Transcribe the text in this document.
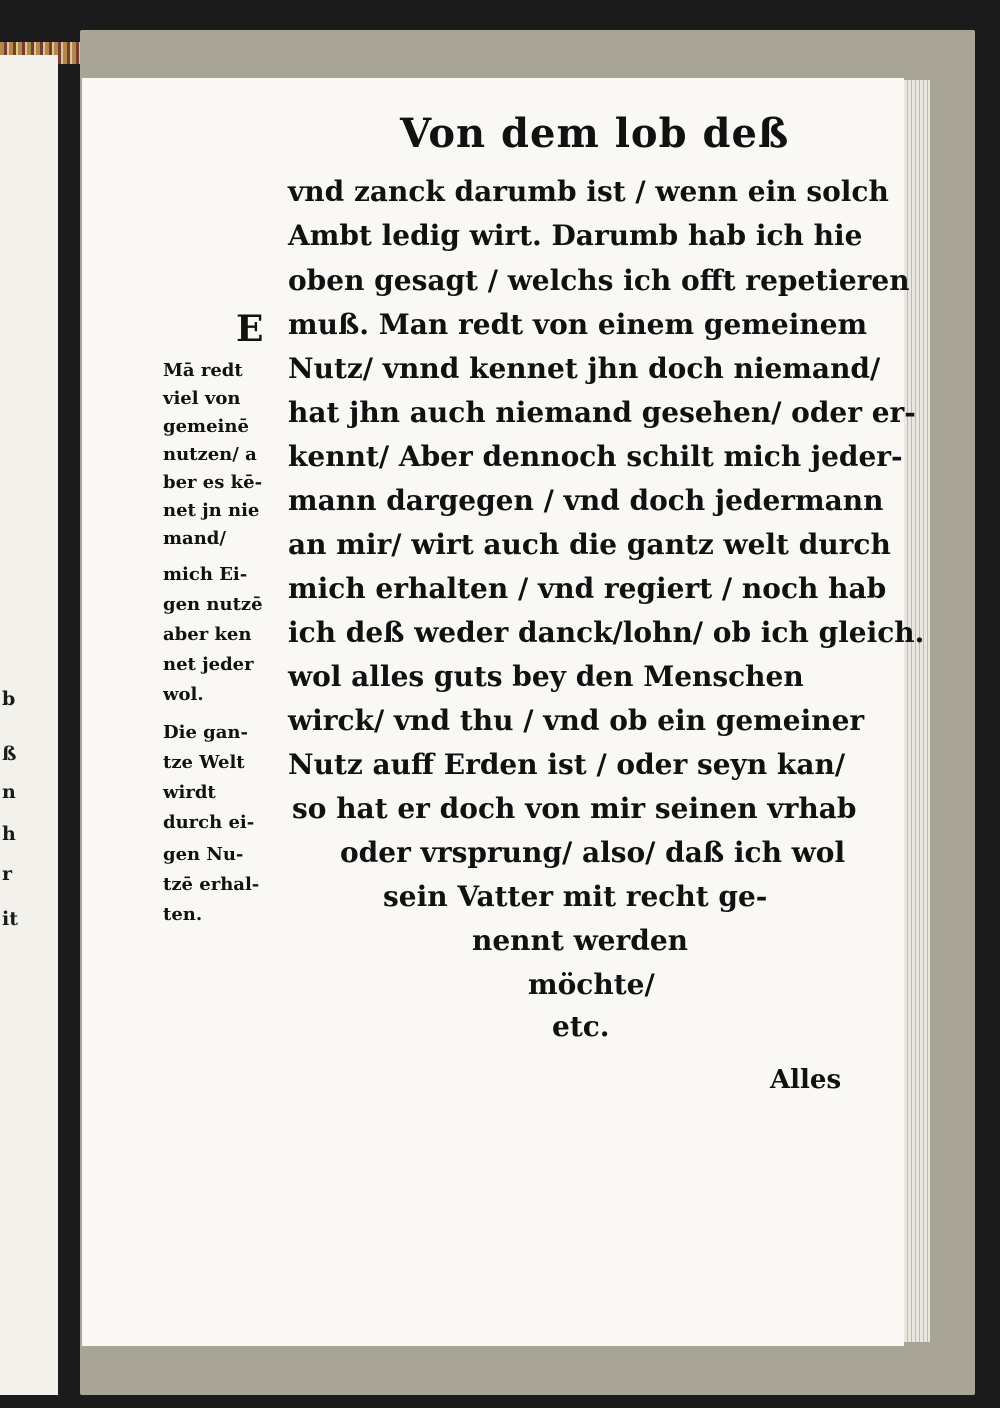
b
ß
n
h
r
it
Von dem lob deß
E
vnd zanck darumb ist / wenn ein solch
Ambt ledig wirt. Darumb hab ich hie
oben gesagt / welchs ich offt repetieren
muß. Man redt von einem gemeinem
Nutz/ vnnd kennet jhn doch niemand/
hat jhn auch niemand gesehen/ oder er-
kennt/ Aber dennoch schilt mich jeder-
mann dargegen / vnd doch jedermann
an mir/ wirt auch die gantz welt durch
mich erhalten / vnd regiert / noch hab
ich deß weder danck/lohn/ ob ich gleich.
wol alles guts bey den Menschen
wirck/ vnd thu / vnd ob ein gemeiner
Nutz auff Erden ist / oder seyn kan/
so hat er doch von mir seinen vrhab
oder vrsprung/ also/ daß ich wol
sein Vatter mit recht ge-
nennt werden
möchte/
etc.
Mā redt
viel von
gemeinē
nutzen/ a
ber es kē-
net jn nie
mand/
mich Ei-
gen nutzē
aber ken
net jeder
wol.
Die gan-
tze Welt
wirdt
durch ei-
gen Nu-
tzē erhal-
ten.
Alles
